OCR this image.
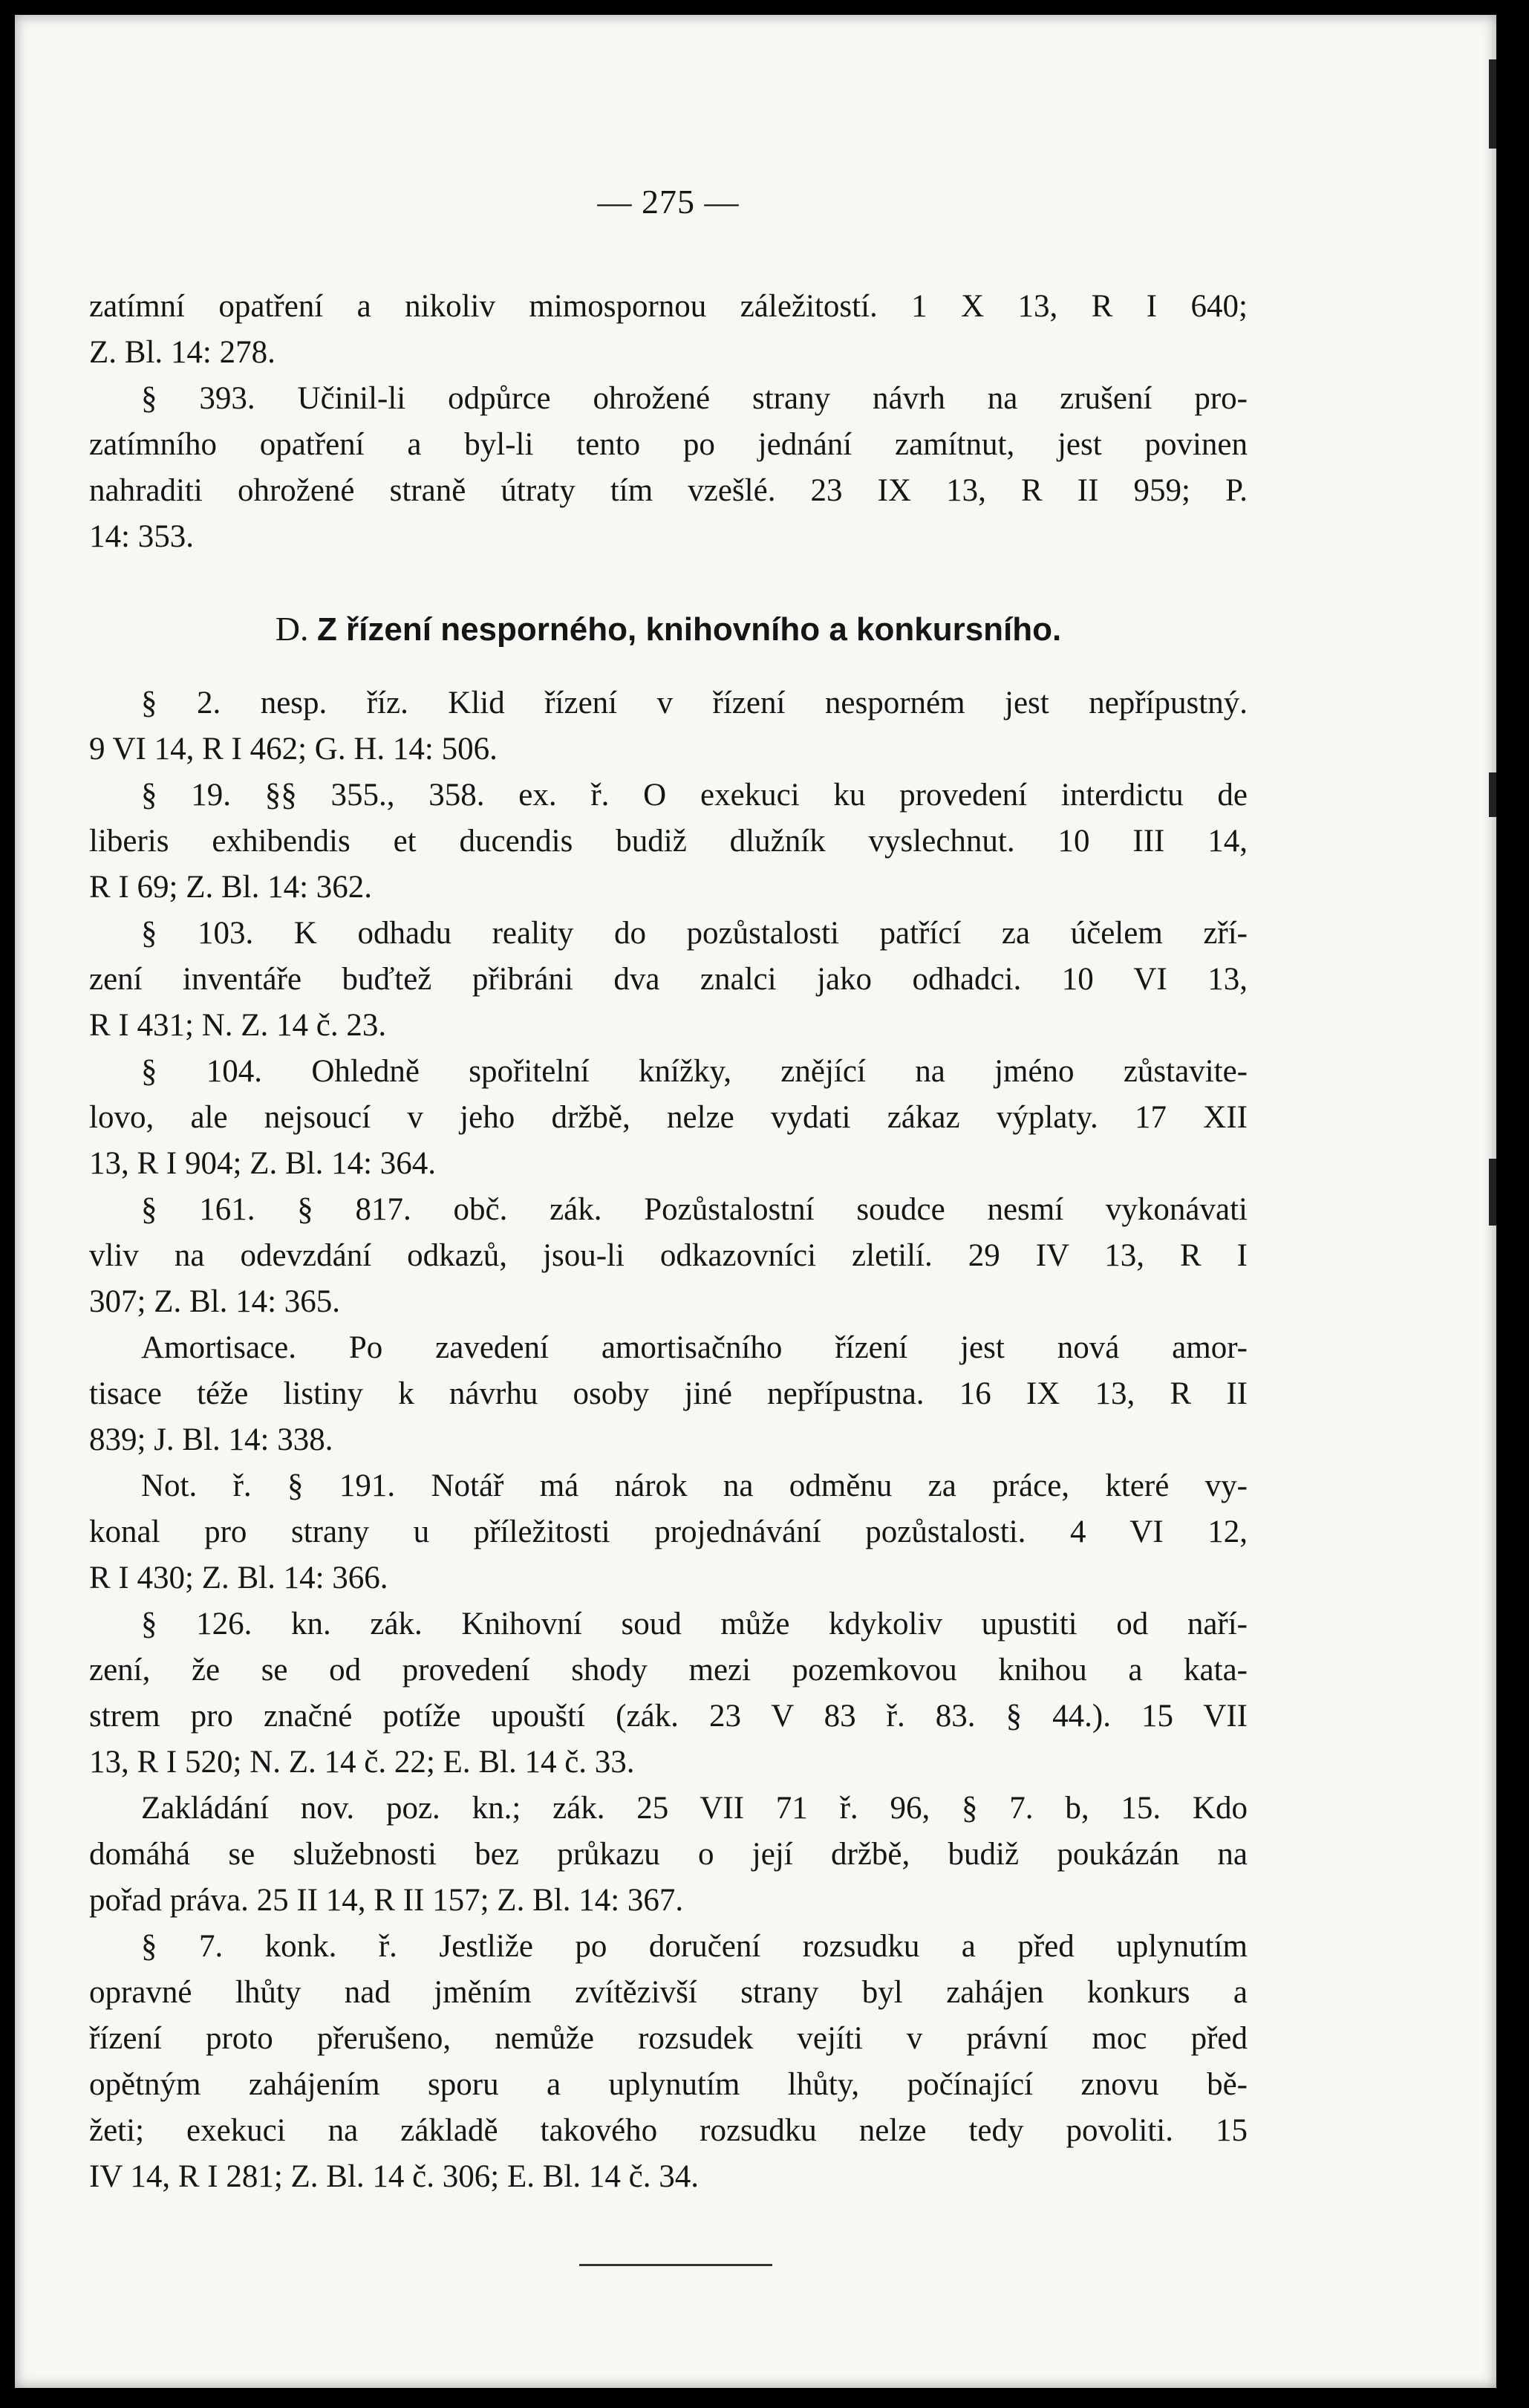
— 275 —
zatímní opatření a nikoliv mimospornou záležitostí. 1 X 13, R I 640;
Z. Bl. 14: 278.
§ 393. Učinil-li odpůrce ohrožené strany návrh na zrušení pro-
zatímního opatření a byl-li tento po jednání zamítnut, jest povinen
nahraditi ohrožené straně útraty tím vzešlé. 23 IX 13, R II 959; P.
14: 353.
D. Z řízení nesporného, knihovního a konkursního.
§ 2. nesp. říz. Klid řízení v řízení nesporném jest nepřípustný.
9 VI 14, R I 462; G. H. 14: 506.
§ 19. §§ 355., 358. ex. ř. O exekuci ku provedení interdictu de
liberis exhibendis et ducendis budiž dlužník vyslechnut. 10 III 14,
R I 69; Z. Bl. 14: 362.
§ 103. K odhadu reality do pozůstalosti patřící za účelem zří-
zení inventáře buďtež přibráni dva znalci jako odhadci. 10 VI 13,
R I 431; N. Z. 14 č. 23.
§ 104. Ohledně spořitelní knížky, znějící na jméno zůstavite-
lovo, ale nejsoucí v jeho držbě, nelze vydati zákaz výplaty. 17 XII
13, R I 904; Z. Bl. 14: 364.
§ 161. § 817. obč. zák. Pozůstalostní soudce nesmí vykonávati
vliv na odevzdání odkazů, jsou-li odkazovníci zletilí. 29 IV 13, R I
307; Z. Bl. 14: 365.
Amortisace. Po zavedení amortisačního řízení jest nová amor-
tisace téže listiny k návrhu osoby jiné nepřípustna. 16 IX 13, R II
839; J. Bl. 14: 338.
Not. ř. § 191. Notář má nárok na odměnu za práce, které vy-
konal pro strany u příležitosti projednávání pozůstalosti. 4 VI 12,
R I 430; Z. Bl. 14: 366.
§ 126. kn. zák. Knihovní soud může kdykoliv upustiti od naří-
zení, že se od provedení shody mezi pozemkovou knihou a kata-
strem pro značné potíže upouští (zák. 23 V 83 ř. 83. § 44.). 15 VII
13, R I 520; N. Z. 14 č. 22; E. Bl. 14 č. 33.
Zakládání nov. poz. kn.; zák. 25 VII 71 ř. 96, § 7. b, 15. Kdo
domáhá se služebnosti bez průkazu o její držbě, budiž poukázán na
pořad práva. 25 II 14, R II 157; Z. Bl. 14: 367.
§ 7. konk. ř. Jestliže po doručení rozsudku a před uplynutím
opravné lhůty nad jměním zvítězivší strany byl zahájen konkurs a
řízení proto přerušeno, nemůže rozsudek vejíti v právní moc před
opětným zahájením sporu a uplynutím lhůty, počínající znovu bě-
žeti; exekuci na základě takového rozsudku nelze tedy povoliti. 15
IV 14, R I 281; Z. Bl. 14 č. 306; E. Bl. 14 č. 34.
